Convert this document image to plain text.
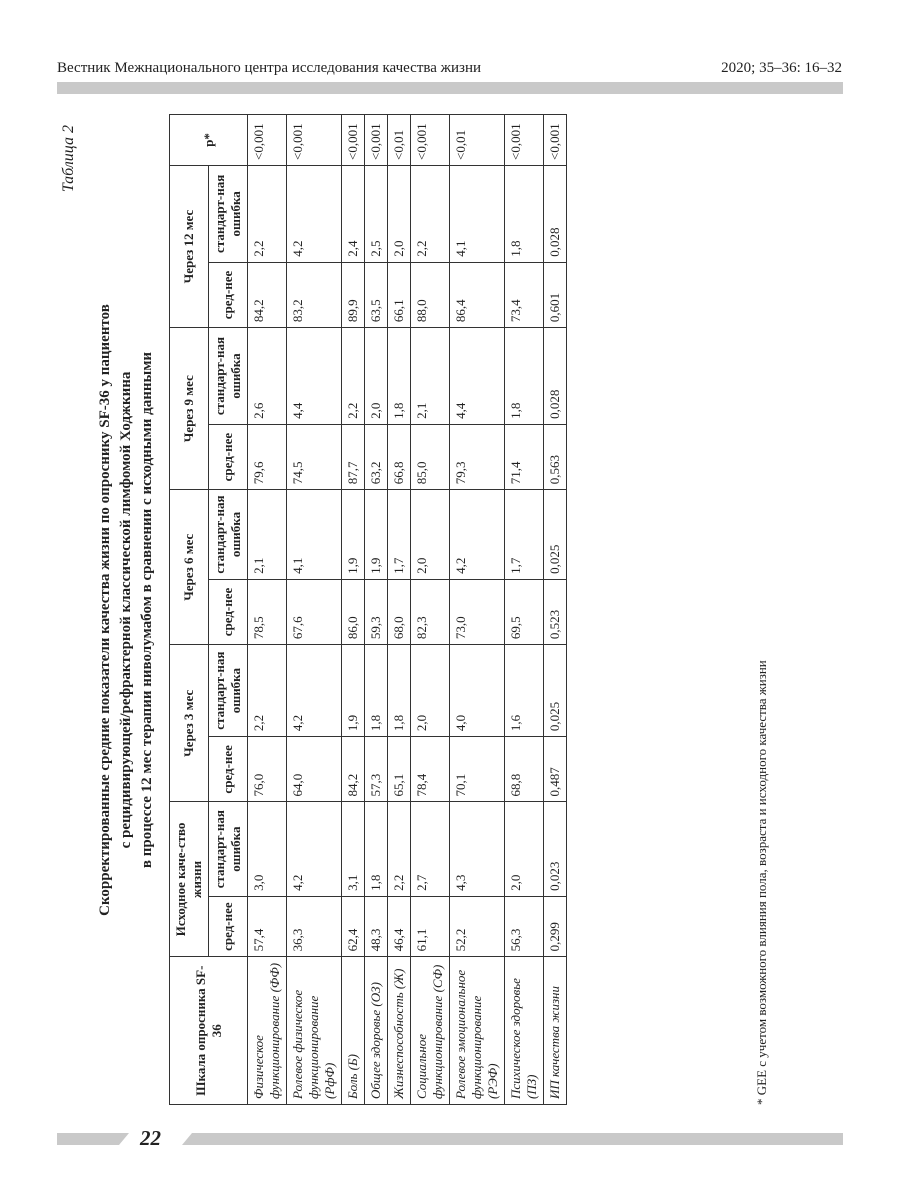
Вестник Межнационального центра исследования качества жизни	2020; 35–36: 16–32
Таблица 2
Скорректированные средние показатели качества жизни по опроснику SF-36 у пациентов с рецидивирующей/рефрактерной классической лимфомой Ходжкина в процессе 12 мес терапии ниволумабом в сравнении с исходными данными
Шкала опросника SF-36	Исходное каче-ство жизни		Через 3 мес		Через 6 мес		Через 9 мес		Через 12 мес		p*
	сред-нее	стандарт-ная ошибка	сред-нее	стандарт-ная ошибка	сред-нее	стандарт-ная ошибка	сред-нее	стандарт-ная ошибка	сред-нее	стандарт-ная ошибка	
Физическое функционирование (ФФ)	57,4	3,0	76,0	2,2	78,5	2,1	79,6	2,6	84,2	2,2	<0,001
Ролевое физическое функционирование (РфФ)	36,3	4,2	64,0	4,2	67,6	4,1	74,5	4,4	83,2	4,2	<0,001
Боль (Б)	62,4	3,1	84,2	1,9	86,0	1,9	87,7	2,2	89,9	2,4	<0,001
Общее здоровье (ОЗ)	48,3	1,8	57,3	1,8	59,3	1,9	63,2	2,0	63,5	2,5	<0,001
Жизнеспособность (Ж)	46,4	2,2	65,1	1,8	68,0	1,7	66,8	1,8	66,1	2,0	<0,01
Социальное функционирование (СФ)	61,1	2,7	78,4	2,0	82,3	2,0	85,0	2,1	88,0	2,2	<0,001
Ролевое эмоциональное функционирование (РЭФ)	52,2	4,3	70,1	4,0	73,0	4,2	79,3	4,4	86,4	4,1	<0,01
Психическое здоровье (ПЗ)	56,3	2,0	68,8	1,6	69,5	1,7	71,4	1,8	73,4	1,8	<0,001
ИП качества жизни	0,299	0,023	0,487	0,025	0,523	0,025	0,563	0,028	0,601	0,028	<0,001
* GEE с учетом возможного влияния пола, возраста и исходного качества жизни
22
